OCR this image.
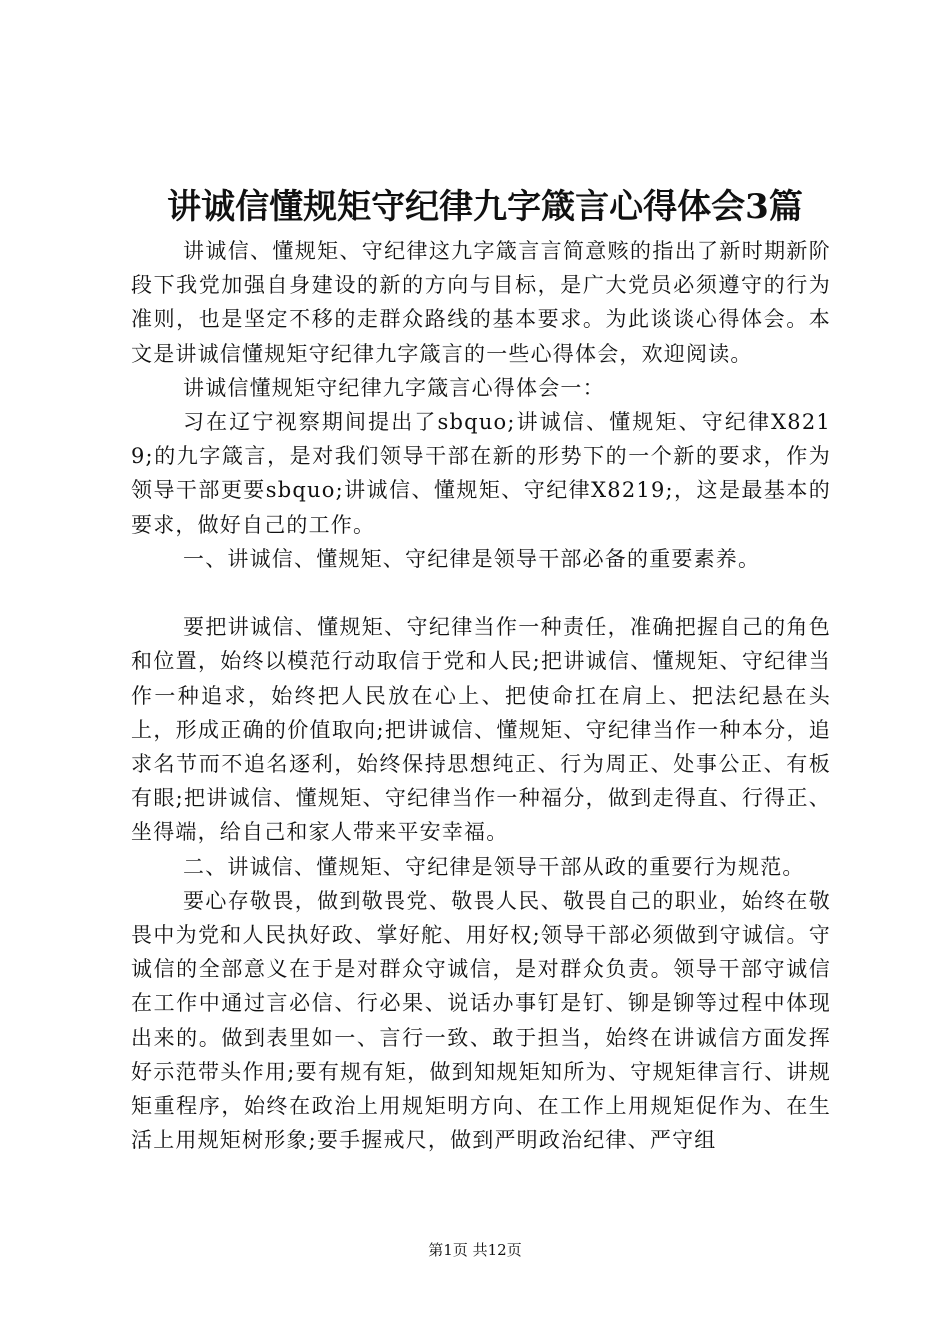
讲诚信懂规矩守纪律九字箴言心得体会3篇

讲诚信、懂规矩、守纪律这九字箴言言简意赅的指出了新时期新阶段下我党加强自身建设的新的方向与目标，是广大党员必须遵守的行为准则，也是坚定不移的走群众路线的基本要求。为此谈谈心得体会。本文是讲诚信懂规矩守纪律九字箴言的一些心得体会，欢迎阅读。

讲诚信懂规矩守纪律九字箴言心得体会一：

习在辽宁视察期间提出了sbquo;讲诚信、懂规矩、守纪律X8219;的九字箴言，是对我们领导干部在新的形势下的一个新的要求，作为领导干部更要sbquo;讲诚信、懂规矩、守纪律X8219;，这是最基本的要求，做好自己的工作。

一、讲诚信、懂规矩、守纪律是领导干部必备的重要素养。

要把讲诚信、懂规矩、守纪律当作一种责任，准确把握自己的角色和位置，始终以模范行动取信于党和人民;把讲诚信、懂规矩、守纪律当作一种追求，始终把人民放在心上、把使命扛在肩上、把法纪悬在头上，形成正确的价值取向;把讲诚信、懂规矩、守纪律当作一种本分，追求名节而不追名逐利，始终保持思想纯正、行为周正、处事公正、有板有眼;把讲诚信、懂规矩、守纪律当作一种福分，做到走得直、行得正、坐得端，给自己和家人带来平安幸福。

二、讲诚信、懂规矩、守纪律是领导干部从政的重要行为规范。

要心存敬畏，做到敬畏党、敬畏人民、敬畏自己的职业，始终在敬畏中为党和人民执好政、掌好舵、用好权;领导干部必须做到守诚信。守诚信的全部意义在于是对群众守诚信，是对群众负责。领导干部守诚信在工作中通过言必信、行必果、说话办事钉是钉、铆是铆等过程中体现出来的。做到表里如一、言行一致、敢于担当，始终在讲诚信方面发挥好示范带头作用;要有规有矩，做到知规矩知所为、守规矩律言行、讲规矩重程序，始终在政治上用规矩明方向、在工作上用规矩促作为、在生活上用规矩树形象;要手握戒尺，做到严明政治纪律、严守组

第1页 共12页
